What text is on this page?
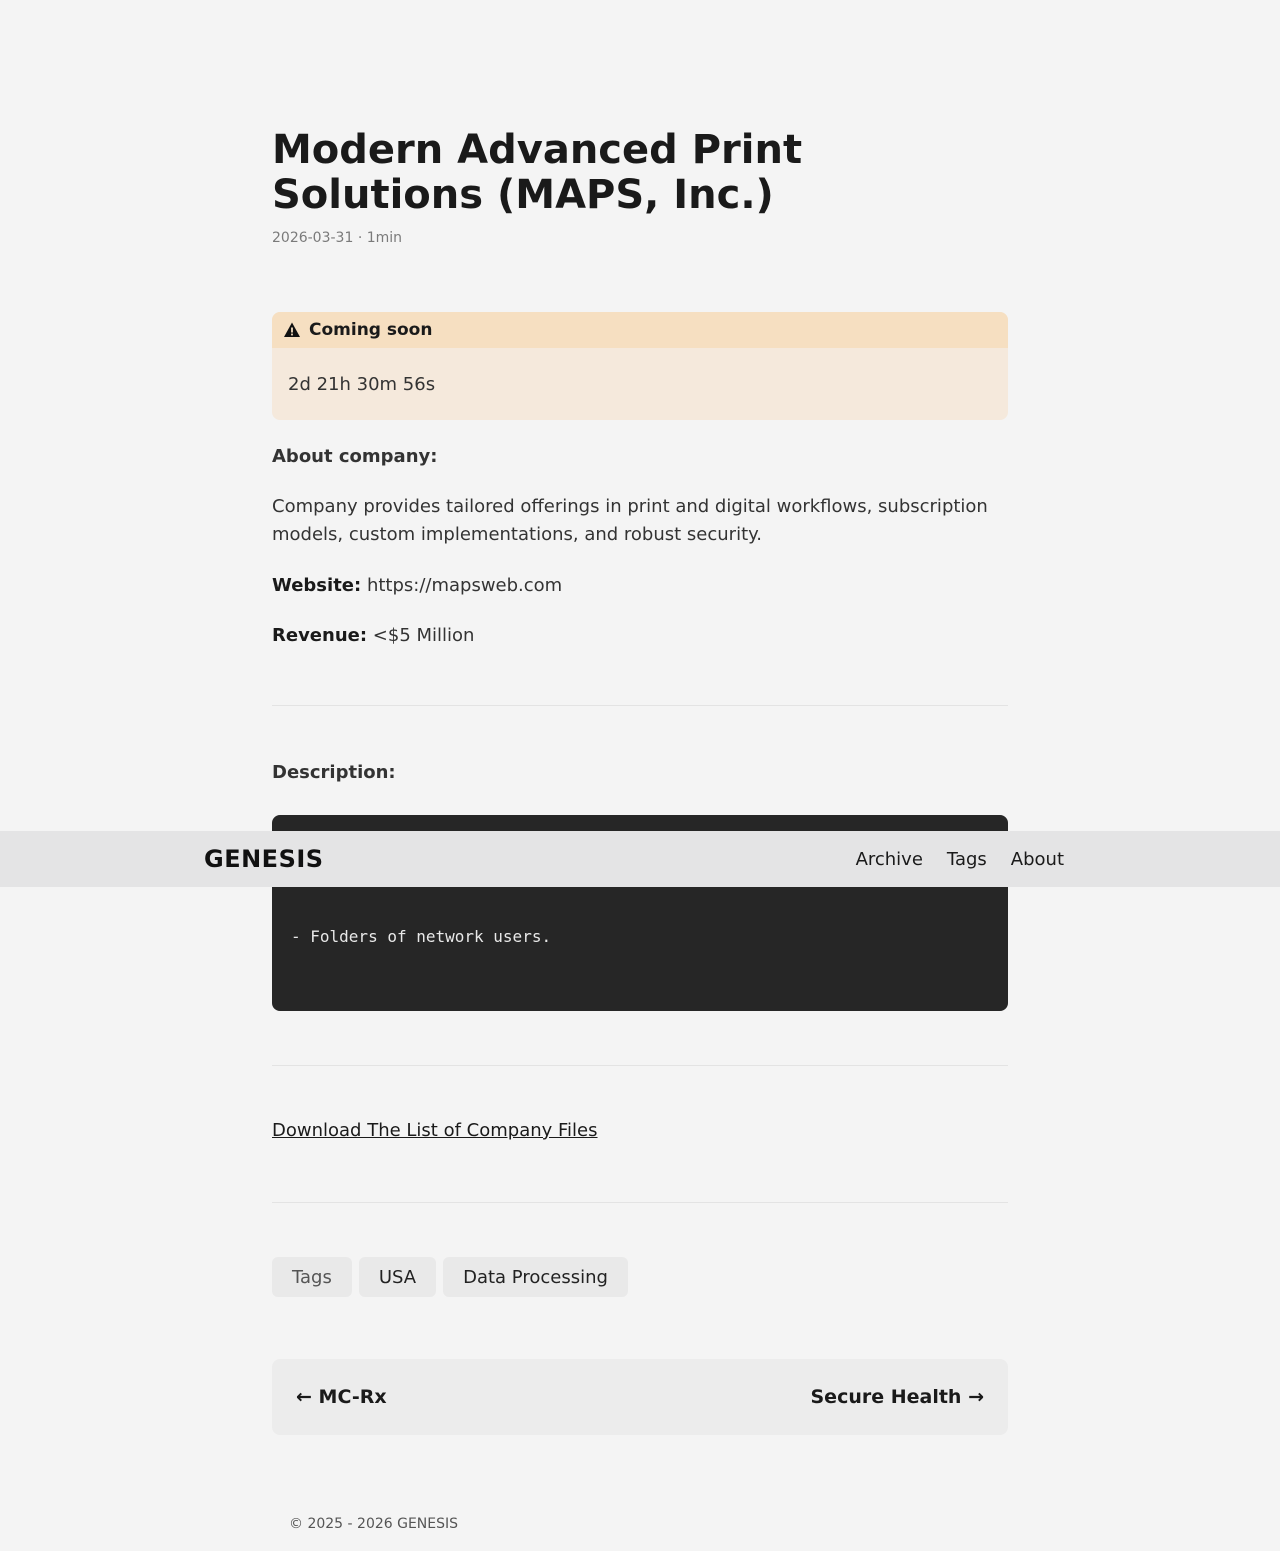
Modern Advanced Print Solutions (MAPS, Inc.)
2026-03-31 · 1min
Coming soon
2d 21h 30m 56s
About company:
Company provides tailored offerings in print and digital workflows, subscription models, custom implementations, and robust security.
Website: https://mapsweb.com
Revenue: <$5 Million
Description:

- Folders of network users.

Download The List of Company Files
Tags	USA	Data Processing
← MC-Rx	Secure Health →
© 2025 - 2026 GENESIS
GENESIS	Archive Tags About
